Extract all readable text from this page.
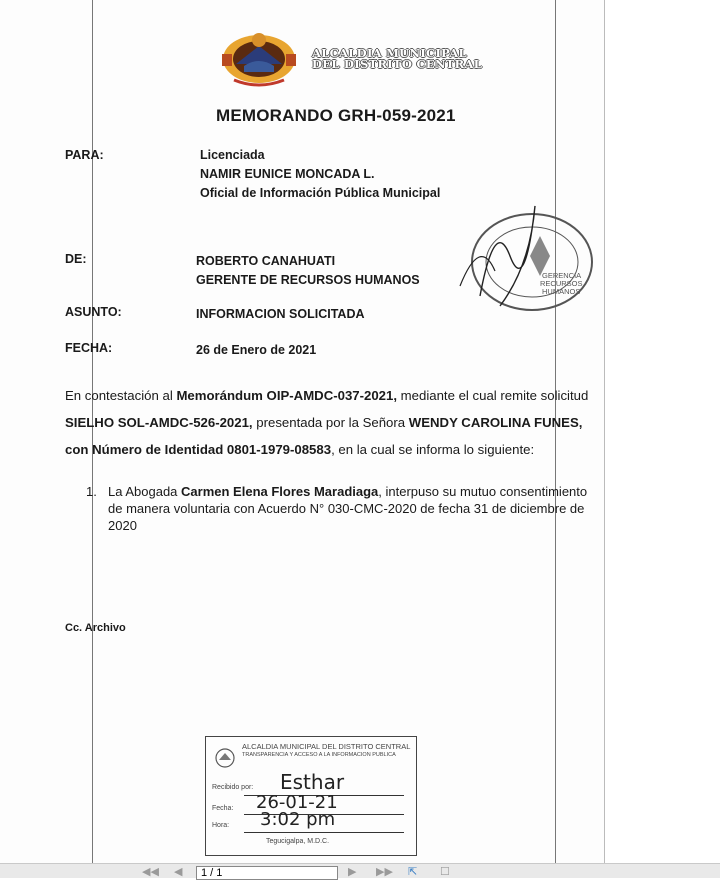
ALCALDIA MUNICIPAL
DEL DISTRITO CENTRAL
MEMORANDO GRH-059-2021
PARA:	Licenciada
NAMIR EUNICE MONCADA L.
Oficial de Información Pública Municipal
DE:	ROBERTO CANAHUATI
GERENTE DE RECURSOS HUMANOS
ASUNTO:	INFORMACION SOLICITADA
FECHA:	26 de Enero de 2021
GERENCIA
RECURSOS
HUMANOS
En contestación al Memorándum OIP-AMDC-037-2021, mediante el cual remite solicitud SIELHO SOL-AMDC-526-2021, presentada por la Señora WENDY CAROLINA FUNES, con Número de Identidad 0801-1979-08583, en la cual se informa lo siguiente:
1. La Abogada Carmen Elena Flores Maradiaga, interpuso su mutuo consentimiento de manera voluntaria con Acuerdo N° 030-CMC-2020 de fecha 31 de diciembre de 2020
Cc. Archivo
ALCALDIA MUNICIPAL DEL DISTRITO CENTRAL
TRANSPARENCIA Y ACCESO A LA INFORMACION PUBLICA
Recibido por: Esthar
Fecha: 26-01-21
Hora: 3:02 pm
Tegucigalpa, M.D.C.
◀◀ ◀	▶ ▶▶ ⇱ ☐
1 / 1
